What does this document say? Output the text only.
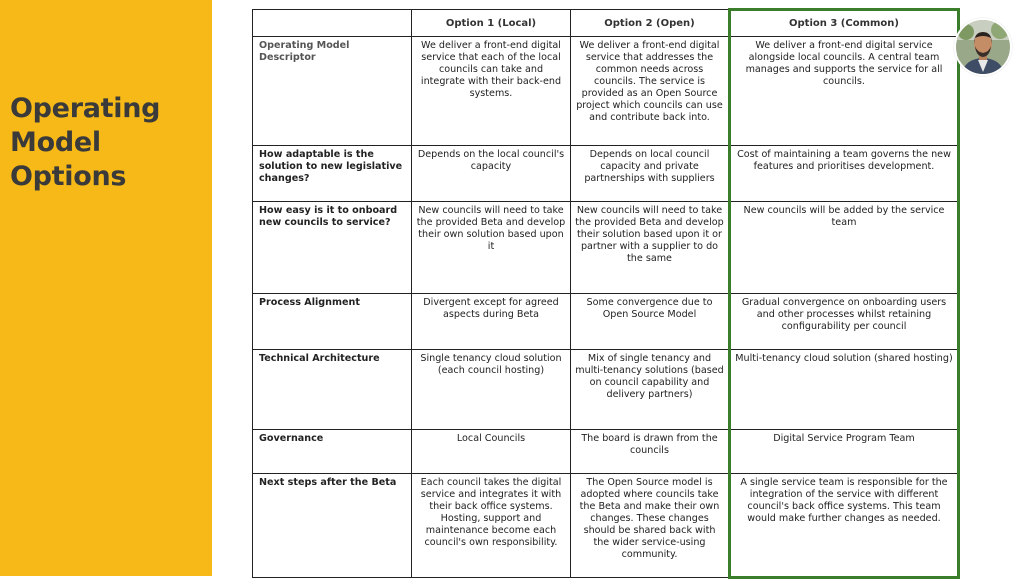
Operating Model Options
	Option 1 (Local)	Option 2 (Open)	Option 3 (Common)
Operating Model Descriptor	We deliver a front-end digital service that each of the local councils can take and integrate with their back-end systems.	We deliver a front-end digital service that addresses the common needs across councils. The service is provided as an Open Source project which councils can use and contribute back into.	We deliver a front-end digital service alongside local councils. A central team manages and supports the service for all councils.
How adaptable is the solution to new legislative changes?	Depends on the local council's capacity	Depends on local council capacity and private partnerships with suppliers	Cost of maintaining a team governs the new features and prioritises development.
How easy is it to onboard new councils to service?	New councils will need to take the provided Beta and develop their own solution based upon it	New councils will need to take the provided Beta and develop their solution based upon it or partner with a supplier to do the same	New councils will be added by the service team
Process Alignment	Divergent except for agreed aspects during Beta	Some convergence due to Open Source Model	Gradual convergence on onboarding users and other processes whilst retaining configurability per council
Technical Architecture	Single tenancy cloud solution (each council hosting)	Mix of single tenancy and multi-tenancy solutions (based on council capability and delivery partners)	Multi-tenancy cloud solution (shared hosting)
Governance	Local Councils	The board is drawn from the councils	Digital Service Program Team
Next steps after the Beta	Each council takes the digital service and integrates it with their back office systems. Hosting, support and maintenance become each council's own responsibility.	The Open Source model is adopted where councils take the Beta and make their own changes. These changes should be shared back with the wider service-using community.	A single service team is responsible for the integration of the service with different council's back office systems. This team would make further changes as needed.
